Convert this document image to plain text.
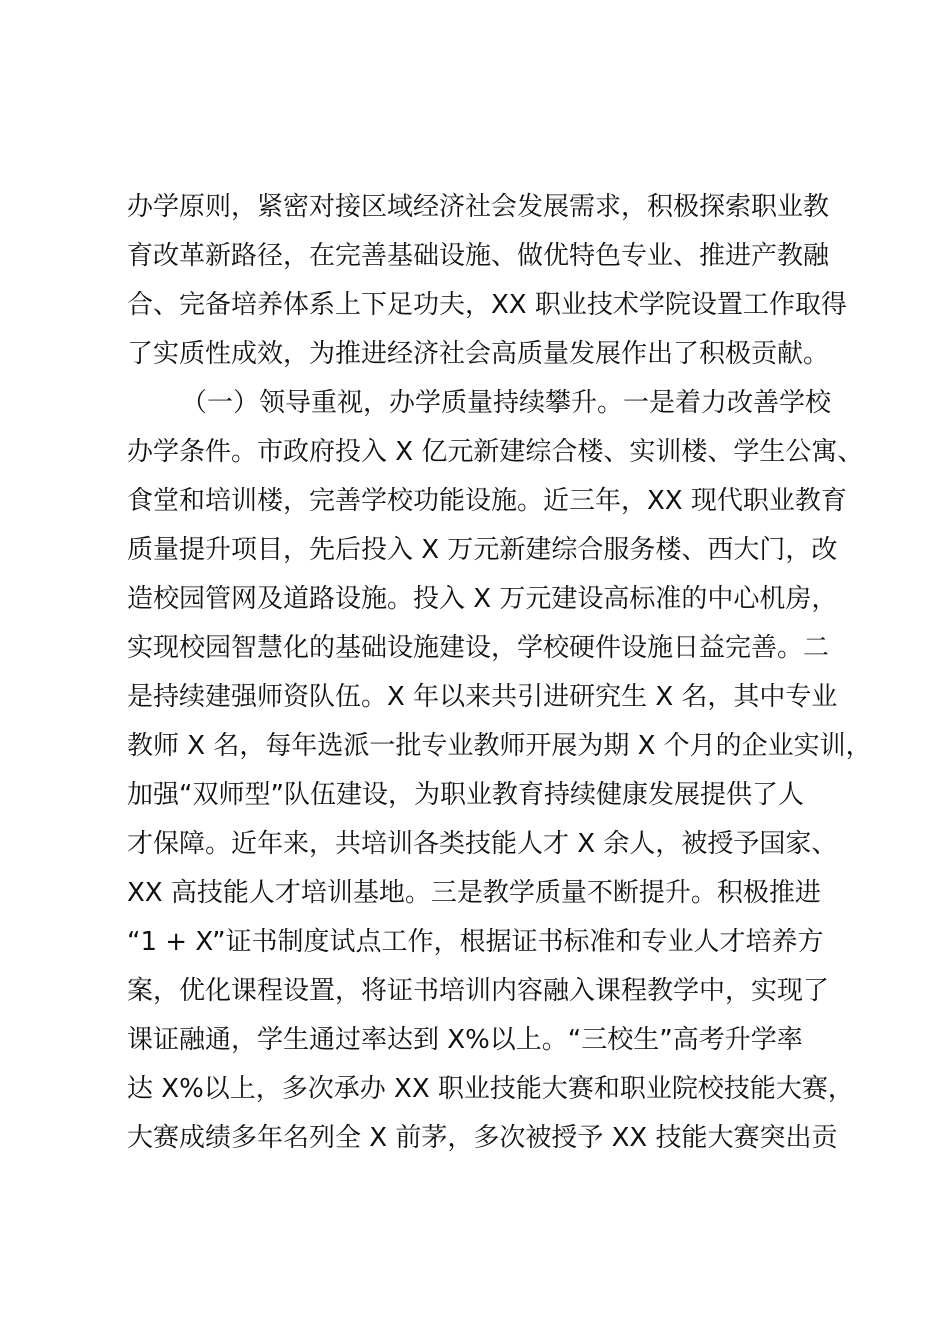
办学原则，紧密对接区域经济社会发展需求，积极探索职业教
育改革新路径，在完善基础设施、做优特色专业、推进产教融
合、完备培养体系上下足功夫，XX 职业技术学院设置工作取得
了实质性成效，为推进经济社会高质量发展作出了积极贡献。
（一）领导重视，办学质量持续攀升。一是着力改善学校
办学条件。市政府投入 X 亿元新建综合楼、实训楼、学生公寓、
食堂和培训楼，完善学校功能设施。近三年，XX 现代职业教育
质量提升项目，先后投入 X 万元新建综合服务楼、西大门，改
造校园管网及道路设施。投入 X 万元建设高标准的中心机房，
实现校园智慧化的基础设施建设，学校硬件设施日益完善。二
是持续建强师资队伍。X 年以来共引进研究生 X 名，其中专业
教师 X 名，每年选派一批专业教师开展为期 X 个月的企业实训，
加强“双师型”队伍建设，为职业教育持续健康发展提供了人
才保障。近年来，共培训各类技能人才 X 余人，被授予国家、
XX 高技能人才培训基地。三是教学质量不断提升。积极推进
“1 + X”证书制度试点工作，根据证书标准和专业人才培养方
案，优化课程设置，将证书培训内容融入课程教学中，实现了
课证融通，学生通过率达到 X%以上。“三校生”高考升学率
达 X%以上，多次承办 XX 职业技能大赛和职业院校技能大赛，
大赛成绩多年名列全 X 前茅，多次被授予 XX 技能大赛突出贡
